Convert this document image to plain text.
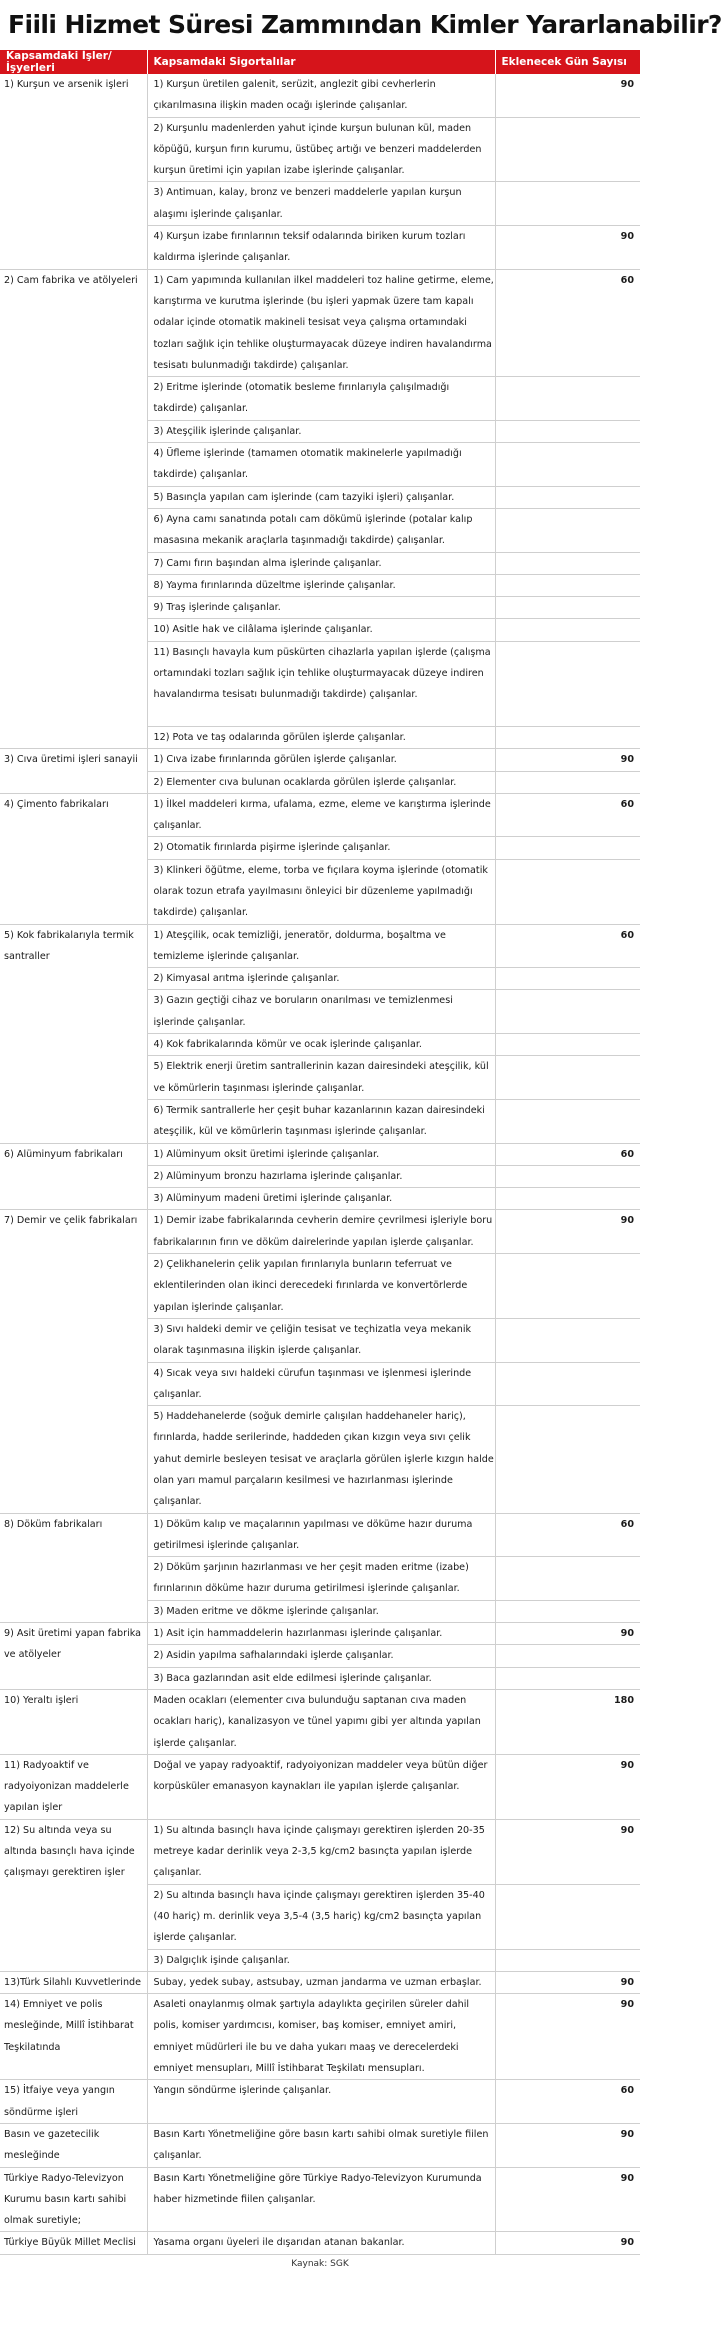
Fiili Hizmet Süresi Zammından Kimler Yararlanabilir?
Kapsamdaki İşler/İşyerleri	Kapsamdaki Sigortalılar	Eklenecek Gün Sayısı
1) Kurşun ve arsenik işleri	1) Kurşun üretilen galenit, serüzit, anglezit gibi cevherlerin çıkarılmasına ilişkin maden ocağı işlerinde çalışanlar.	90
	2) Kurşunlu madenlerden yahut içinde kurşun bulunan kül, maden köpüğü, kurşun fırın kurumu, üstübeç artığı ve benzeri maddelerden kurşun üretimi için yapılan izabe işlerinde çalışanlar.	
	3) Antimuan, kalay, bronz ve benzeri maddelerle yapılan kurşun alaşımı işlerinde çalışanlar.	
	4) Kurşun izabe fırınlarının teksif odalarında biriken kurum tozları kaldırma işlerinde çalışanlar.	90
2) Cam fabrika ve atölyeleri	1) Cam yapımında kullanılan ilkel maddeleri toz haline getirme, eleme, karıştırma ve kurutma işlerinde (bu işleri yapmak üzere tam kapalı odalar içinde otomatik makineli tesisat veya çalışma ortamındaki tozları sağlık için tehlike oluşturmayacak düzeye indiren havalandırma tesisatı bulunmadığı takdirde) çalışanlar.	60
	2) Eritme işlerinde (otomatik besleme fırınlarıyla çalışılmadığı takdirde) çalışanlar.	
	3) Ateşçilik işlerinde çalışanlar.	
	4) Üfleme işlerinde (tamamen otomatik makinelerle yapılmadığı takdirde) çalışanlar.	
	5) Basınçla yapılan cam işlerinde (cam tazyiki işleri) çalışanlar.	
	6) Ayna camı sanatında potalı cam dökümü işlerinde (potalar kalıp masasına mekanik araçlarla taşınmadığı takdirde) çalışanlar.	
	7) Camı fırın başından alma işlerinde çalışanlar.	
	8) Yayma fırınlarında düzeltme işlerinde çalışanlar.	
	9) Traş işlerinde çalışanlar.	
	10) Asitle hak ve cilâlama işlerinde çalışanlar.	
	11) Basınçlı havayla kum püskürten cihazlarla yapılan işlerde (çalışma ortamındaki tozları sağlık için tehlike oluşturmayacak düzeye indiren havalandırma tesisatı bulunmadığı takdirde) çalışanlar.	
	12) Pota ve taş odalarında görülen işlerde çalışanlar.	
3) Cıva üretimi işleri sanayii	1) Cıva izabe fırınlarında görülen işlerde çalışanlar.	90
	2) Elementer cıva bulunan ocaklarda görülen işlerde çalışanlar.	
4) Çimento fabrikaları	1) İlkel maddeleri kırma, ufalama, ezme, eleme ve karıştırma işlerinde çalışanlar.	60
	2) Otomatik fırınlarda pişirme işlerinde çalışanlar.	
	3) Klinkeri öğütme, eleme, torba ve fıçılara koyma işlerinde (otomatik olarak tozun etrafa yayılmasını önleyici bir düzenleme yapılmadığı takdirde) çalışanlar.	
5) Kok fabrikalarıyla termik santraller	1) Ateşçilik, ocak temizliği, jeneratör, doldurma, boşaltma ve temizleme işlerinde çalışanlar.	60
	2) Kimyasal arıtma işlerinde çalışanlar.	
	3) Gazın geçtiği cihaz ve boruların onarılması ve temizlenmesi işlerinde çalışanlar.	
	4) Kok fabrikalarında kömür ve ocak işlerinde çalışanlar.	
	5) Elektrik enerji üretim santrallerinin kazan dairesindeki ateşçilik, kül ve kömürlerin taşınması işlerinde çalışanlar.	
	6) Termik santrallerle her çeşit buhar kazanlarının kazan dairesindeki ateşçilik, kül ve kömürlerin taşınması işlerinde çalışanlar.	
6) Alüminyum fabrikaları	1) Alüminyum oksit üretimi işlerinde çalışanlar.	60
	2) Alüminyum bronzu hazırlama işlerinde çalışanlar.	
	3) Alüminyum madeni üretimi işlerinde çalışanlar.	
7) Demir ve çelik fabrikaları	1) Demir izabe fabrikalarında cevherin demire çevrilmesi işleriyle boru fabrikalarının fırın ve döküm dairelerinde yapılan işlerde çalışanlar.	90
	2) Çelikhanelerin çelik yapılan fırınlarıyla bunların teferruat ve eklentilerinden olan ikinci derecedeki fırınlarda ve konvertörlerde yapılan işlerinde çalışanlar.	
	3) Sıvı haldeki demir ve çeliğin tesisat ve teçhizatla veya mekanik olarak taşınmasına ilişkin işlerde çalışanlar.	
	4) Sıcak veya sıvı haldeki cürufun taşınması ve işlenmesi işlerinde çalışanlar.	
	5) Haddehanelerde (soğuk demirle çalışılan haddehaneler hariç), fırınlarda, hadde serilerinde, haddeden çıkan kızgın veya sıvı çelik yahut demirle besleyen tesisat ve araçlarla görülen işlerle kızgın halde olan yarı mamul parçaların kesilmesi ve hazırlanması işlerinde çalışanlar.	
8) Döküm fabrikaları	1) Döküm kalıp ve maçalarının yapılması ve döküme hazır duruma getirilmesi işlerinde çalışanlar.	60
	2) Döküm şarjının hazırlanması ve her çeşit maden eritme (izabe) fırınlarının döküme hazır duruma getirilmesi işlerinde çalışanlar.	
	3) Maden eritme ve dökme işlerinde çalışanlar.	
9) Asit üretimi yapan fabrika ve atölyeler	1) Asit için hammaddelerin hazırlanması işlerinde çalışanlar.	90
	2) Asidin yapılma safhalarındaki işlerde çalışanlar.	
	3) Baca gazlarından asit elde edilmesi işlerinde çalışanlar.	
10) Yeraltı işleri	Maden ocakları (elementer cıva bulunduğu saptanan cıva maden ocakları hariç), kanalizasyon ve tünel yapımı gibi yer altında yapılan işlerde çalışanlar.	180
11) Radyoaktif ve radyoiyonizan maddelerle yapılan işler	Doğal ve yapay radyoaktif, radyoiyonizan maddeler veya bütün diğer korpüsküler emanasyon kaynakları ile yapılan işlerde çalışanlar.	90
12) Su altında veya su altında basınçlı hava içinde çalışmayı gerektiren işler	1) Su altında basınçlı hava içinde çalışmayı gerektiren işlerden 20-35 metreye kadar derinlik veya 2-3,5 kg/cm2 basınçta yapılan işlerde çalışanlar.	90
	2) Su altında basınçlı hava içinde çalışmayı gerektiren işlerden 35-40 (40 hariç) m. derinlik veya 3,5-4 (3,5 hariç) kg/cm2 basınçta yapılan işlerde çalışanlar.	
	3) Dalgıçlık işinde çalışanlar.	
13)Türk Silahlı Kuvvetlerinde	Subay, yedek subay, astsubay, uzman jandarma ve uzman erbaşlar.	90
14) Emniyet ve polis mesleğinde, Millî İstihbarat Teşkilatında	Asaleti onaylanmış olmak şartıyla adaylıkta geçirilen süreler dahil polis, komiser yardımcısı, komiser, baş komiser, emniyet amiri, emniyet müdürleri ile bu ve daha yukarı maaş ve derecelerdeki emniyet mensupları, Millî İstihbarat Teşkilatı mensupları.	90
15) İtfaiye veya yangın söndürme işleri	Yangın söndürme işlerinde çalışanlar.	60
Basın ve gazetecilik mesleğinde	Basın Kartı Yönetmeliğine göre basın kartı sahibi olmak suretiyle fiilen çalışanlar.	90
Türkiye Radyo-Televizyon Kurumu basın kartı sahibi olmak suretiyle;	Basın Kartı Yönetmeliğine göre Türkiye Radyo-Televizyon Kurumunda haber hizmetinde fiilen çalışanlar.	90
Türkiye Büyük Millet Meclisi	Yasama organı üyeleri ile dışarıdan atanan bakanlar.	90
Kaynak: SGK
